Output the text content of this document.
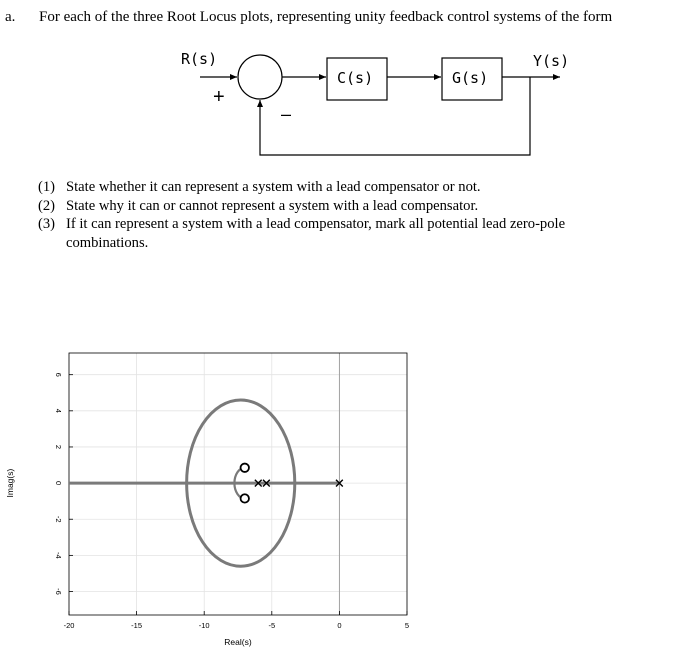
a. For each of the three Root Locus plots, representing unity feedback control systems of the form
R(s)	Y(s)
C(s)	G(s)
+
–
(1) State whether it can represent a system with a lead compensator or not.
(2) State why it can or cannot represent a system with a lead compensator.
(3) If it can represent a system with a lead compensator, mark all potential lead zero-pole
combinations.
-20	-15	-10	-5	0	5
6
4
2
0
-2
-4
-6
Real(s)
Imag(s)
